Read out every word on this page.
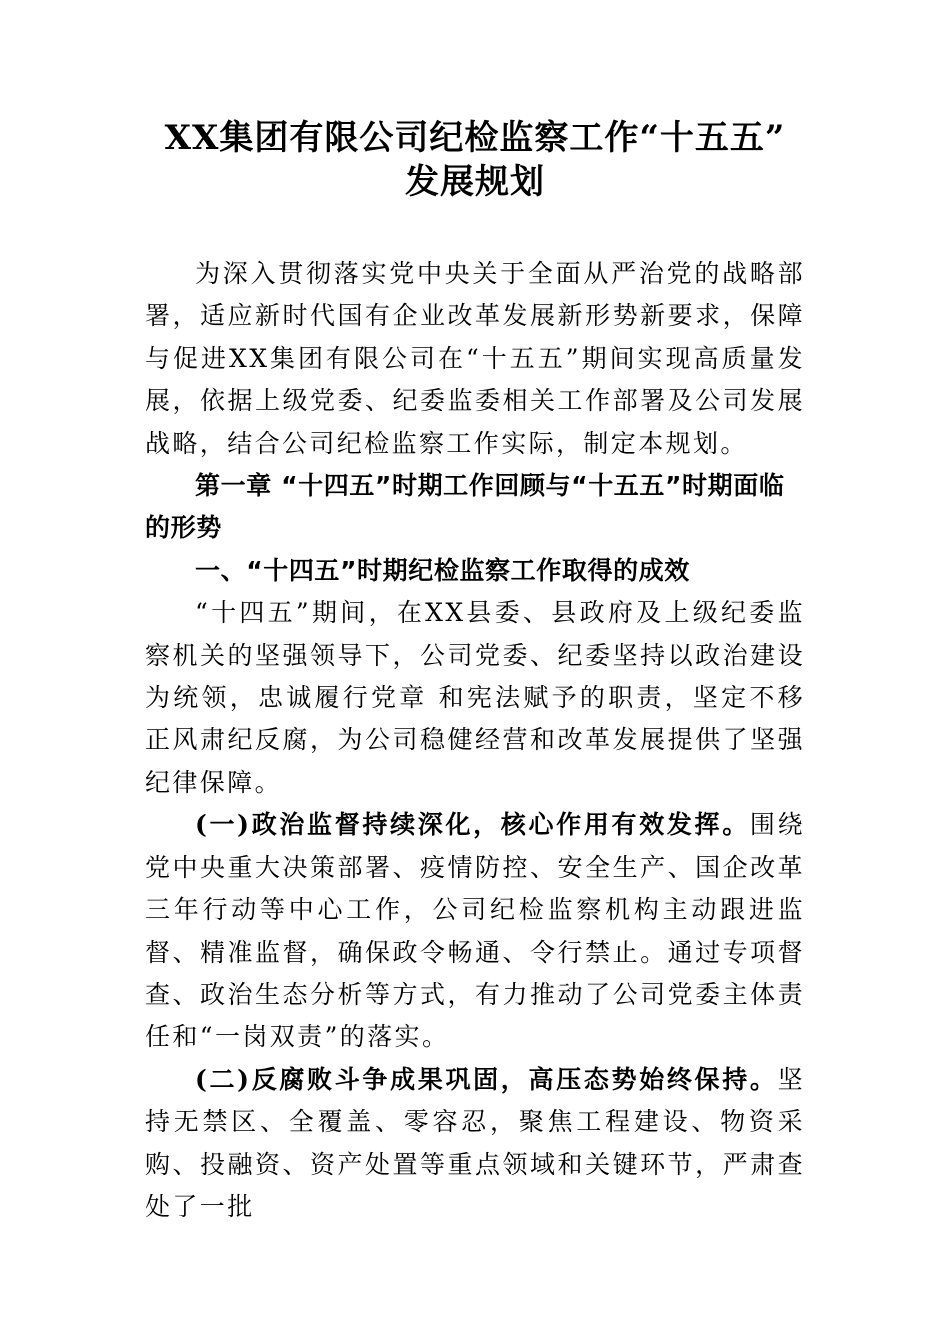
XX集团有限公司纪检监察工作“十五五”
发展规划

为深入贯彻落实党中央关于全面从严治党的战略部署，适应新时代国有企业改革发展新形势新要求，保障与促进XX集团有限公司在“十五五”期间实现高质量发展，依据上级党委、纪委监委相关工作部署及公司发展战略，结合公司纪检监察工作实际，制定本规划。

第一章 “十四五”时期工作回顾与“十五五”时期面临的形势

一、“十四五”时期纪检监察工作取得的成效

“十四五”期间，在XX县委、县政府及上级纪委监察机关的坚强领导下，公司党委、纪委坚持以政治建设为统领，忠诚履行党章 和宪法赋予的职责，坚定不移正风肃纪反腐，为公司稳健经营和改革发展提供了坚强纪律保障。

(一)政治监督持续深化，核心作用有效发挥。围绕党中央重大决策部署、疫情防控、安全生产、国企改革三年行动等中心工作，公司纪检监察机构主动跟进监督、精准监督，确保政令畅通、令行禁止。通过专项督查、政治生态分析等方式，有力推动了公司党委主体责任和“一岗双责”的落实。

(二)反腐败斗争成果巩固，高压态势始终保持。坚持无禁区、全覆盖、零容忍，聚焦工程建设、物资采购、投融资、资产处置等重点领域和关键环节，严肃查处了一批
